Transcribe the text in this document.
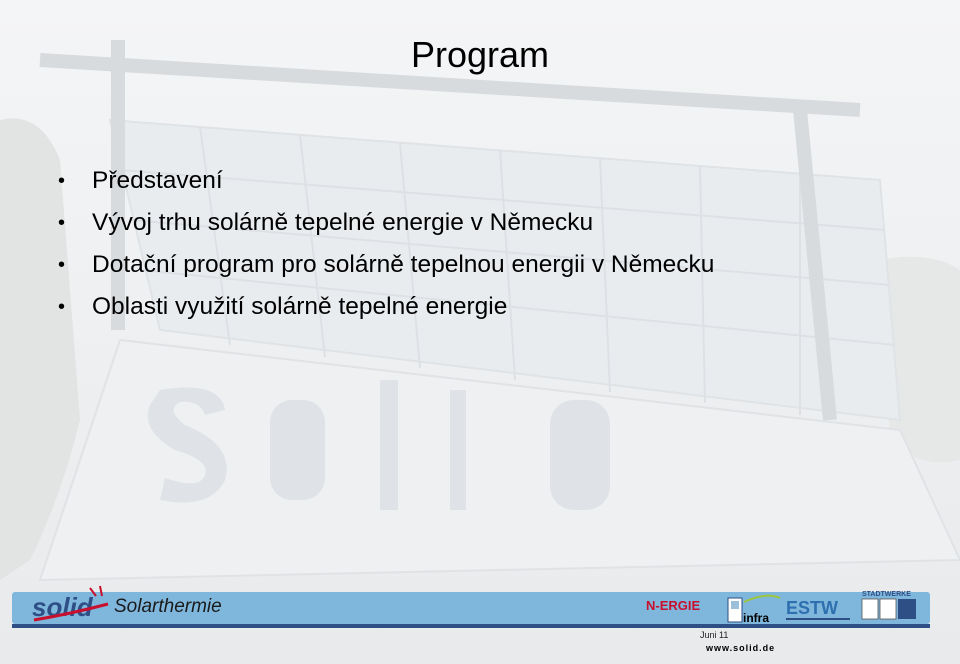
Program
• Představení
• Vývoj trhu solárně tepelné energie v Německu
• Dotační program pro solárně tepelnou energii v Německu
• Oblasti využití solárně tepelné energie
solid Solarthermie	N-ERGIE
infra ESTW
STADTWERKE
Juni 11
www.solid.de
